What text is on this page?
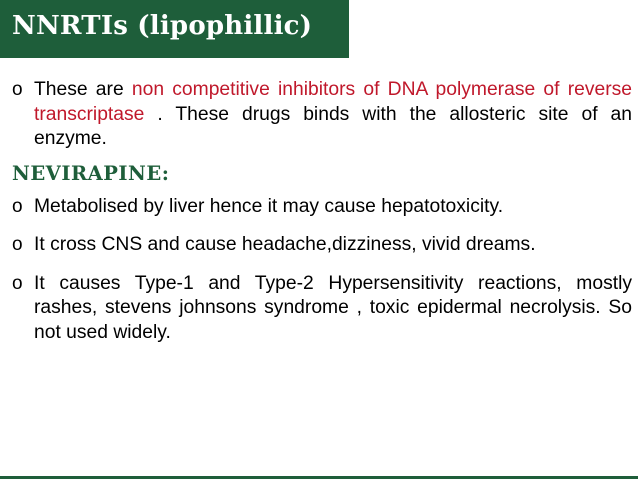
NNRTIs (lipophillic)
o These are non competitive inhibitors of DNA polymerase of reverse transcriptase . These drugs binds with the allosteric site of an enzyme.
NEVIRAPINE:
o Metabolised by liver hence it may cause hepatotoxicity.
o It cross CNS and cause headache,dizziness, vivid dreams.
o It causes Type-1 and Type-2 Hypersensitivity reactions, mostly rashes, stevens johnsons syndrome , toxic epidermal necrolysis. So not used widely.
